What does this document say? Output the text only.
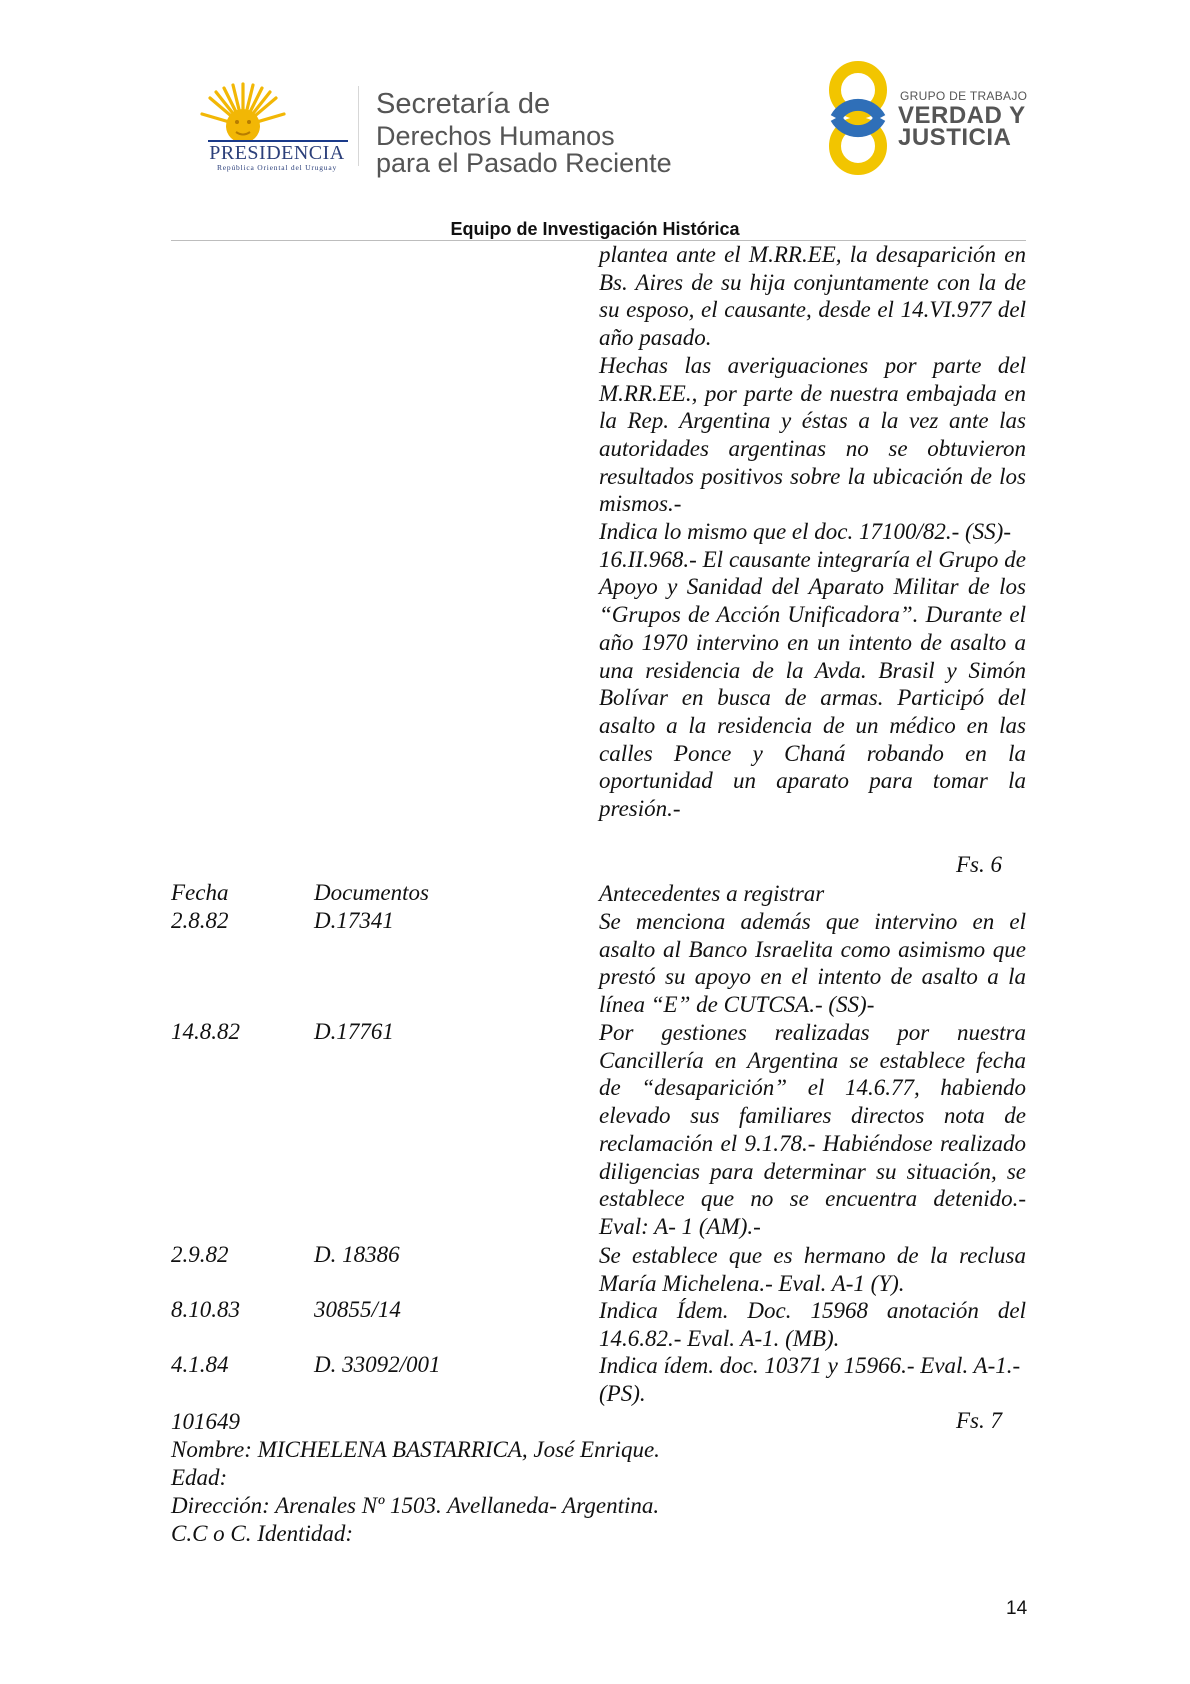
PRESIDENCIA
República Oriental del Uruguay
Secretaría de
Derechos Humanos
para el Pasado Reciente
GRUPO DE TRABAJO
VERDAD Y
JUSTICIA
Equipo de Investigación Histórica

plantea ante el M.RR.EE, la desaparición en Bs. Aires de su hija conjuntamente con la de su esposo, el causante, desde el 14.VI.977 del año pasado.

Hechas las averiguaciones por parte del M.RR.EE., por parte de nuestra embajada en la Rep. Argentina y éstas a la vez ante las autoridades argentinas no se obtuvieron resultados positivos sobre la ubicación de los mismos.-

Indica lo mismo que el doc. 17100/82.- (SS)-

16.II.968.- El causante integraría el Grupo de Apoyo y Sanidad del Aparato Militar de los “Grupos de Acción Unificadora”. Durante el año 1970 intervino en un intento de asalto a una residencia de la Avda. Brasil y Simón Bolívar en busca de armas. Participó del asalto a la residencia de un médico en las calles Ponce y Chaná robando en la oportunidad un aparato para tomar la presión.-

Fs. 6
Fecha	Documentos	Antecedentes a registrar
2.8.82	D.17341	Se menciona además que intervino en el asalto al Banco Israelita como asimismo que prestó su apoyo en el intento de asalto a la línea “E” de CUTCSA.- (SS)-
14.8.82	D.17761	Por gestiones realizadas por nuestra Cancillería en Argentina se establece fecha de “desaparición” el 14.6.77, habiendo elevado sus familiares directos nota de reclamación el 9.1.78.- Habiéndose realizado diligencias para determinar su situación, se establece que no se encuentra detenido.- Eval: A- 1 (AM).-
2.9.82	D. 18386	Se establece que es hermano de la reclusa María Michelena.- Eval. A-1 (Y).
8.10.83	30855/14	Indica Ídem. Doc. 15968 anotación del 14.6.82.- Eval. A-1. (MB).
4.1.84	D. 33092/001	Indica ídem. doc. 10371 y 15966.- Eval. A-1.- (PS).
101649	Fs. 7
Nombre: MICHELENA BASTARRICA, José Enrique.
Edad:
Dirección: Arenales Nº 1503. Avellaneda- Argentina.
C.C o C. Identidad:
14
